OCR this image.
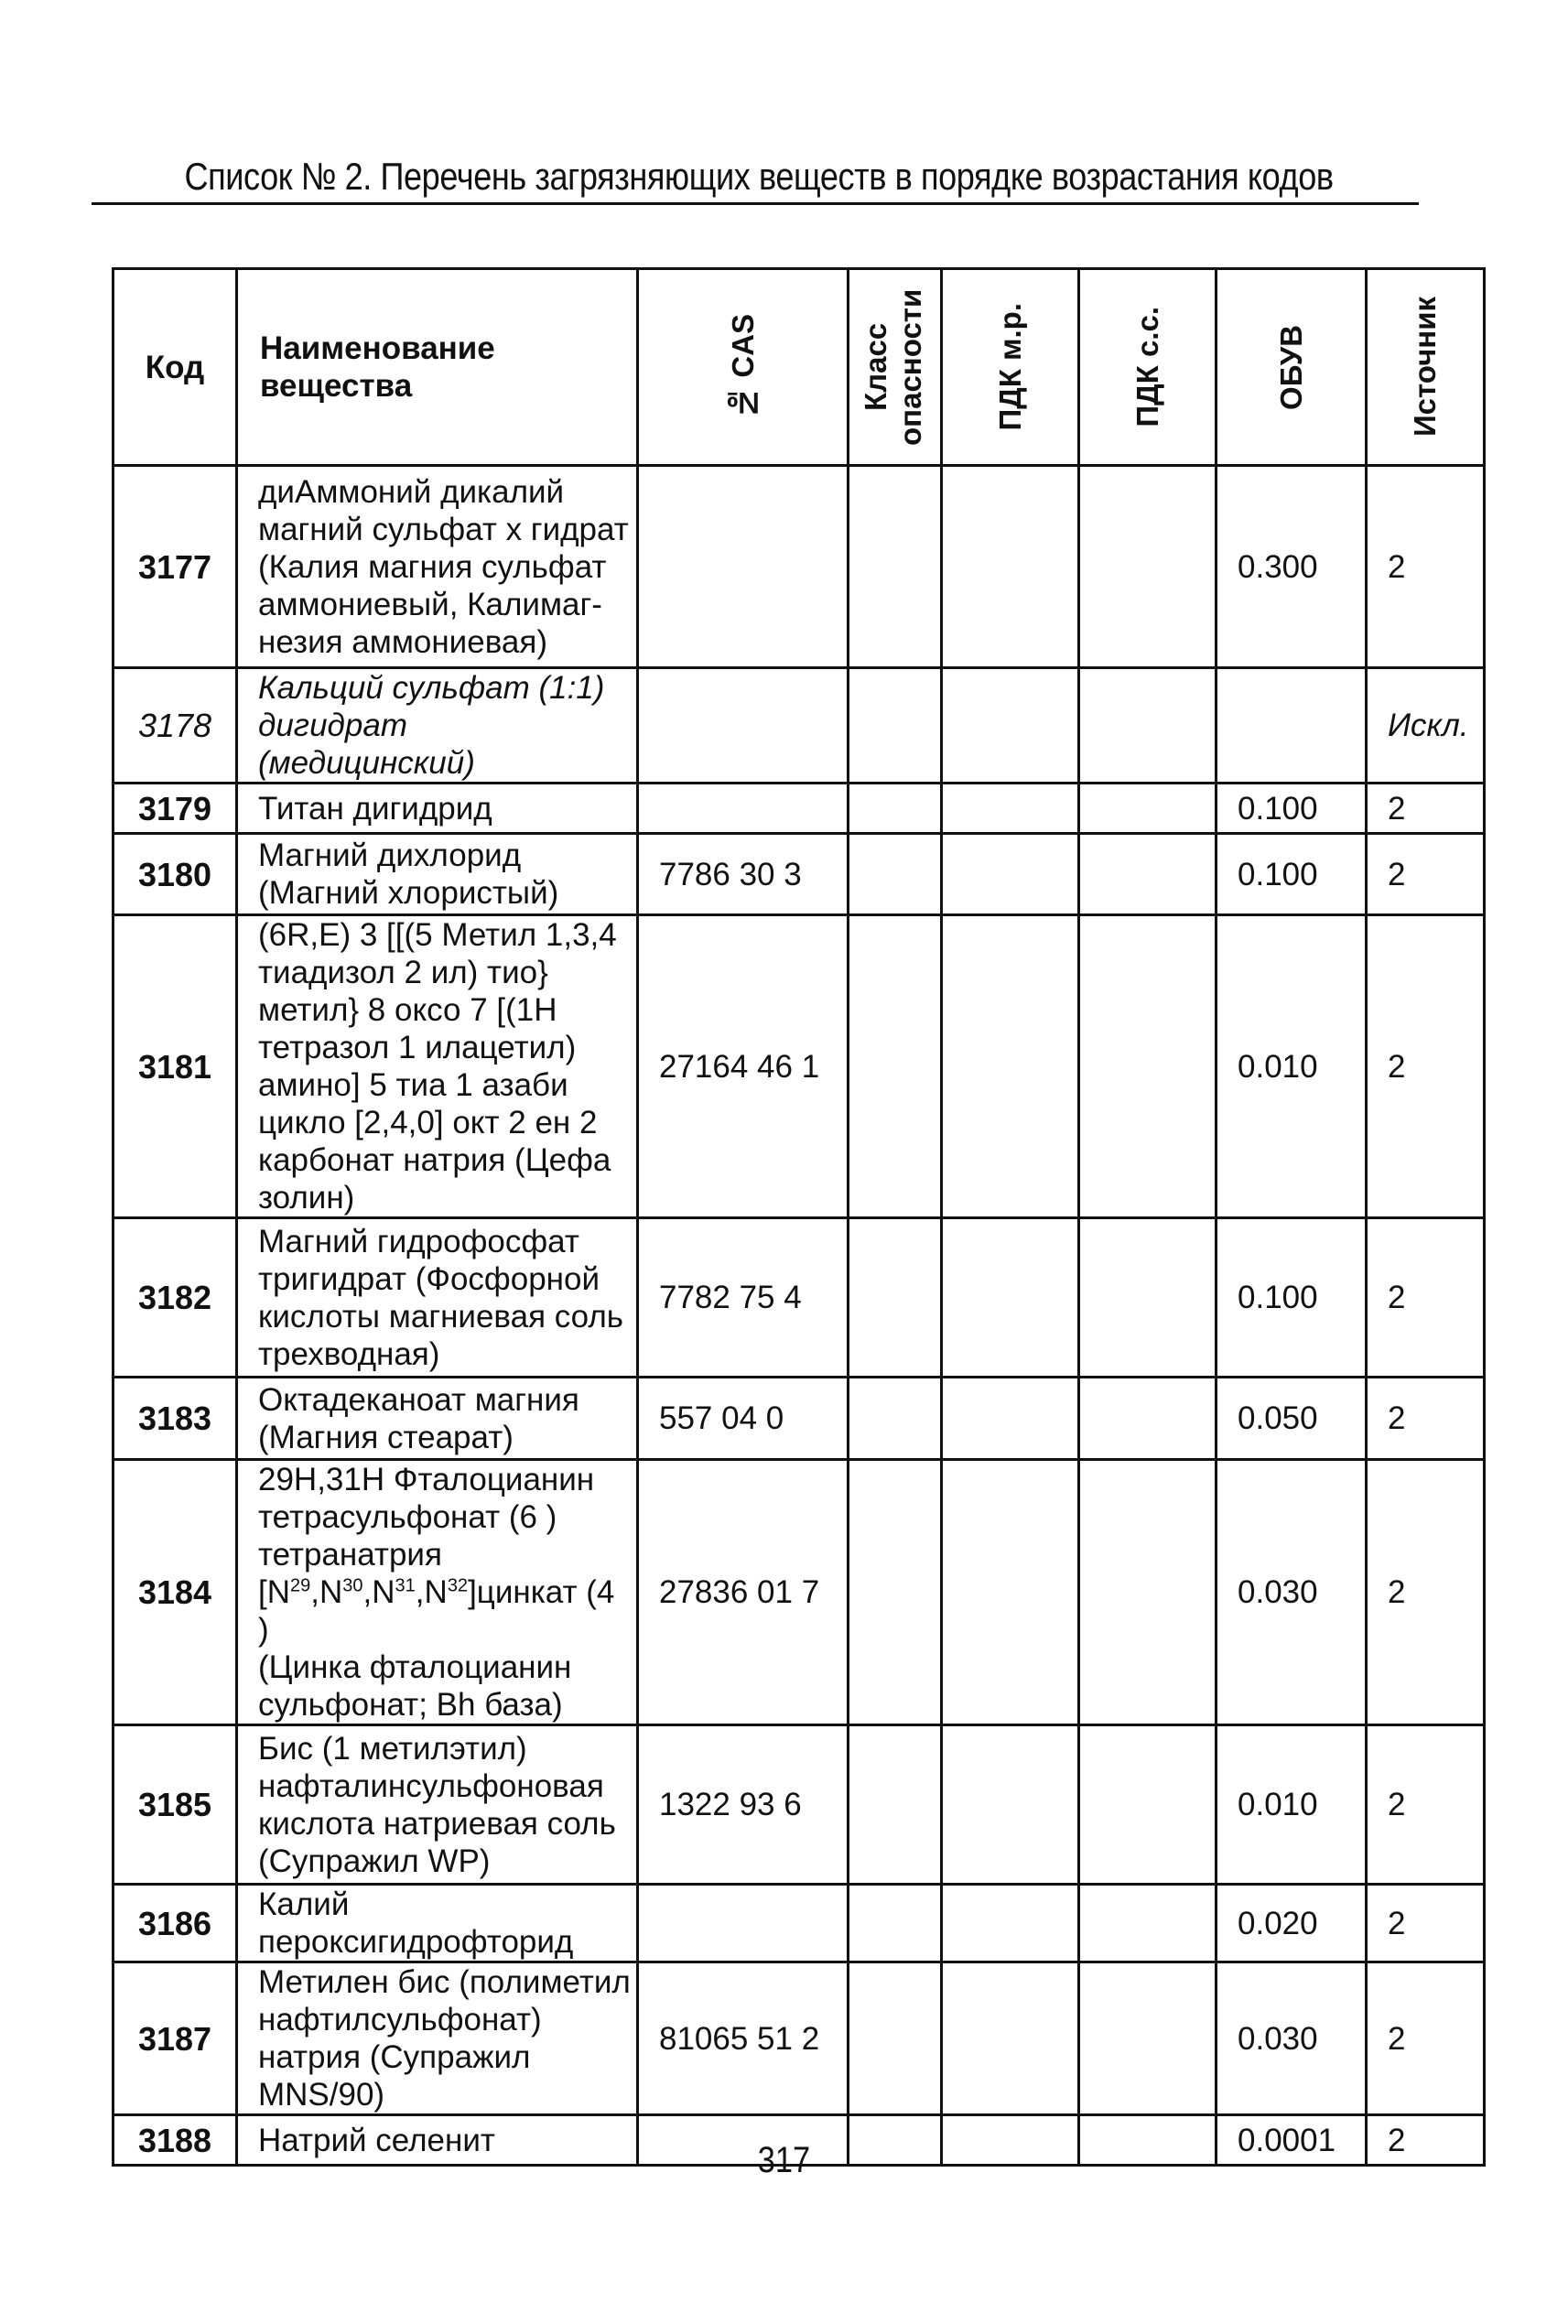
Список № 2. Перечень загрязняющих веществ в порядке возрастания кодов
Код	Наименование вещества	№ CAS	Класс опасности	ПДК м.р.	ПДК с.с.	ОБУВ	Источник

3177	диАммоний дикалий магний сульфат x гидрат (Калия магния сульфат аммониевый, Калимаг-незия аммониевая)					0.300	2
3178	Кальций сульфат (1:1) дигидрат (медицинский)						Искл.
3179	Титан дигидрид					0.100	2
3180	Магний дихлорид (Магний хлористый)	7786 30 3				0.100	2
3181	(6R,E) 3 [[(5 Метил 1,3,4 тиадизол 2 ил) тио} метил} 8 оксо 7 [(1H тетразол 1 илацетил) амино] 5 тиа 1 азаби цикло [2,4,0] окт 2 ен 2 карбонат натрия (Цефа золин)	27164 46 1				0.010	2
3182	Магний гидрофосфат тригидрат (Фосфорной кислоты магниевая соль трехводная)	7782 75 4				0.100	2
3183	Октадеканоат магния (Магния стеарат)	557 04 0				0.050	2
3184	29H,31H Фталоцианин
тетрасульфонат (6 )
тетранатрия
$[N^{29},N^{30},N^{31},N^{32}]цинкат$ (4 )
(Цинка фталоцианин сульфонат; Bh база)	27836 01 7				0.030	2
3185	Бис (1 метилэтил) нафталинсульфоновая кислота натриевая соль (Супражил WP)	1322 93 6				0.010	2
3186	Калий пероксигидрофторид					0.020	2
3187	Метилен бис (полиметил нафтилсульфонат) натрия (Супражил MNS/90)	81065 51 2				0.030	2
3188	Натрий селенит					0.0001	2
317
